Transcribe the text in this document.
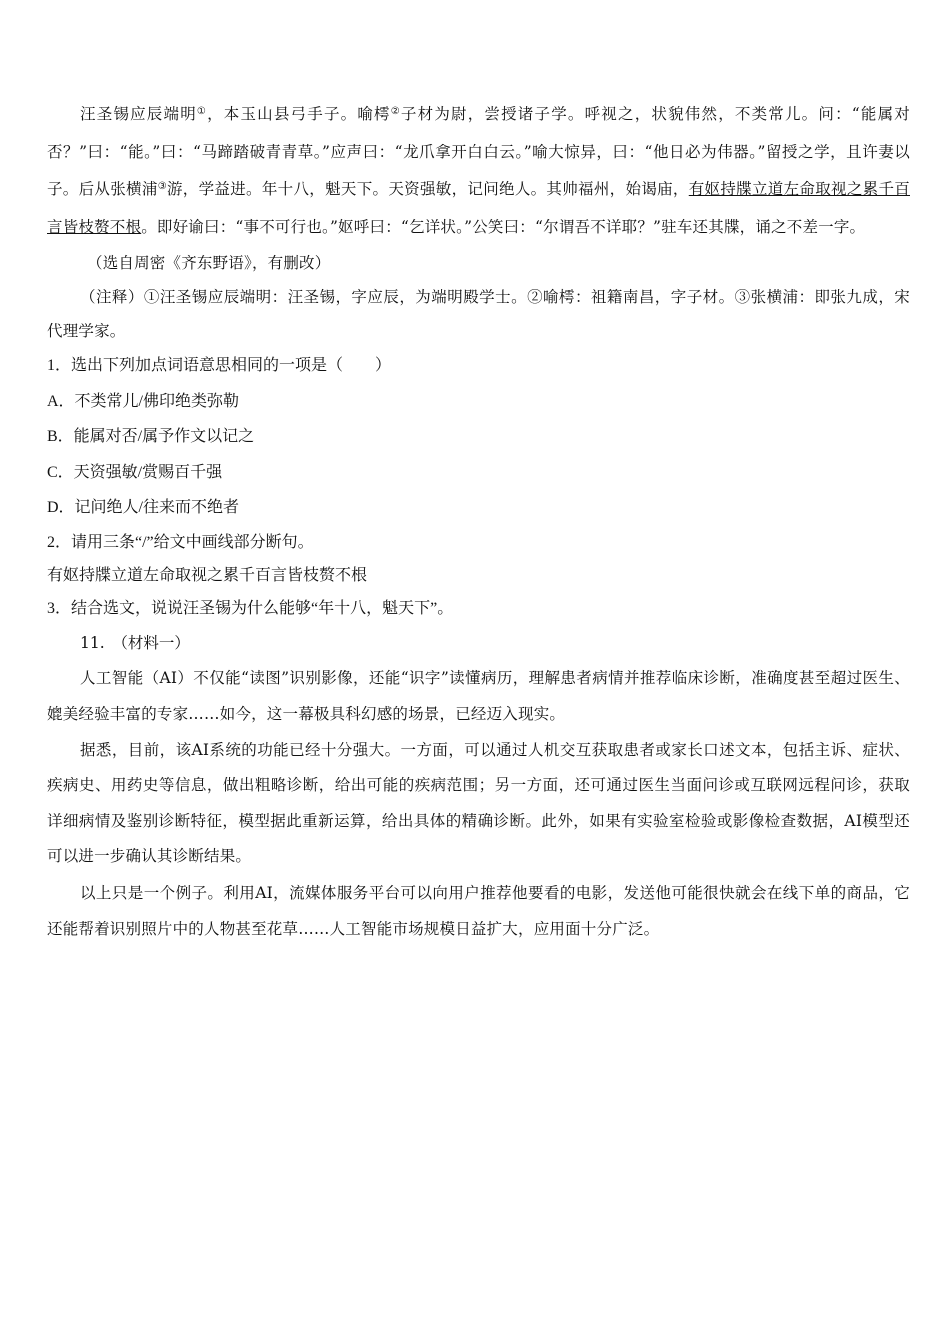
汪圣锡应辰端明①，本玉山县弓手子。喻樗②子材为尉，尝授诸子学。呼视之，状貌伟然，不类常儿。问：“能属对否？”曰：“能。”曰：“马蹄踏破青青草。”应声曰：“龙爪拿开白白云。”喻大惊异，曰：“他日必为伟器。”留授之学，且许妻以子。后从张横浦③游，学益进。年十八，魁天下。天资强敏，记问绝人。其帅福州，始谒庙，有妪持牒立道左命取视之累千百言皆枝赘不根。即好谕曰：“事不可行也。”妪呼曰：“乞详状。”公笑曰：“尔谓吾不详耶？”驻车还其牒，诵之不差一字。

（选自周密《齐东野语》，有删改）

（注释）①汪圣锡应辰端明：汪圣锡，字应辰，为端明殿学士。②喻樗：祖籍南昌，字子材。③张横浦：即张九成，宋代理学家。

1．选出下列加点词语意思相同的一项是（　　）

A．不类常儿/佛印绝类弥勒

B．能属对否/属予作文以记之

C．天资强敏/赏赐百千强

D．记问绝人/往来而不绝者

2．请用三条“/”给文中画线部分断句。

有妪持牒立道左命取视之累千百言皆枝赘不根

3．结合选文，说说汪圣锡为什么能够“年十八，魁天下”。

11.　（材料一）

人工智能（AI）不仅能“读图”识别影像，还能“识字”读懂病历，理解患者病情并推荐临床诊断，准确度甚至超过医生、媲美经验丰富的专家……如今，这一幕极具科幻感的场景，已经迈入现实。

据悉，目前，该AI系统的功能已经十分强大。一方面，可以通过人机交互获取患者或家长口述文本，包括主诉、症状、疾病史、用药史等信息，做出粗略诊断，给出可能的疾病范围；另一方面，还可通过医生当面问诊或互联网远程问诊，获取详细病情及鉴别诊断特征，模型据此重新运算，给出具体的精确诊断。此外，如果有实验室检验或影像检查数据，AI模型还可以进一步确认其诊断结果。

以上只是一个例子。利用AI，流媒体服务平台可以向用户推荐他要看的电影，发送他可能很快就会在线下单的商品，它还能帮着识别照片中的人物甚至花草……人工智能市场规模日益扩大，应用面十分广泛。
